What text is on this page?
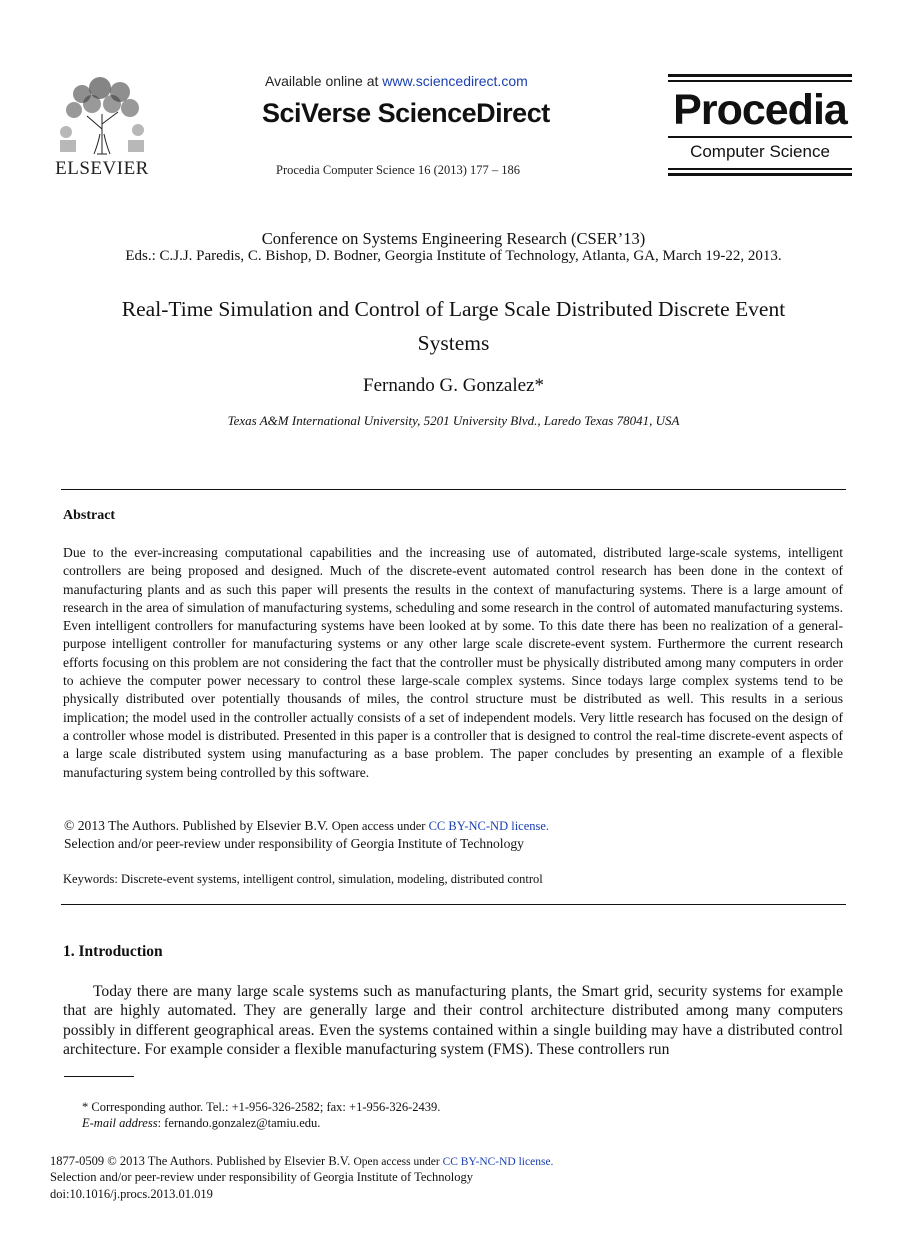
ELSEVIER
Available online at www.sciencedirect.com
SciVerse ScienceDirect
Procedia Computer Science 16 (2013) 177 – 186
Procedia
Computer Science
Conference on Systems Engineering Research (CSER’13)
Eds.: C.J.J. Paredis, C. Bishop, D. Bodner, Georgia Institute of Technology, Atlanta, GA, March 19-22, 2013.
Real-Time Simulation and Control of Large Scale Distributed Discrete Event
Systems
Fernando G. Gonzalez*
Texas A&M International University, 5201 University Blvd., Laredo Texas 78041, USA
Abstract
Due to the ever-increasing computational capabilities and the increasing use of automated, distributed large-scale systems, intelligent controllers are being proposed and designed. Much of the discrete-event automated control research has been done in the context of manufacturing plants and as such this paper will presents the results in the context of manufacturing systems. There is a large amount of research in the area of simulation of manufacturing systems, scheduling and some research in the control of automated manufacturing systems. Even intelligent controllers for manufacturing systems have been looked at by some. To this date there has been no realization of a general-purpose intelligent controller for manufacturing systems or any other large scale discrete-event system. Furthermore the current research efforts focusing on this problem are not considering the fact that the controller must be physically distributed among many computers in order to achieve the computer power necessary to control these large-scale complex systems. Since todays large complex systems tend to be physically distributed over potentially thousands of miles, the control structure must be distributed as well. This results in a serious implication; the model used in the controller actually consists of a set of independent models. Very little research has focused on the design of a controller whose model is distributed. Presented in this paper is a controller that is designed to control the real-time discrete-event aspects of a large scale distributed system using manufacturing as a base problem. The paper concludes by presenting an example of a flexible manufacturing system being controlled by this software.
© 2013 The Authors. Published by Elsevier B.V. Open access under CC BY-NC-ND license.
Selection and/or peer-review under responsibility of Georgia Institute of Technology
Keywords: Discrete-event systems, intelligent control, simulation, modeling, distributed control
1. Introduction
Today there are many large scale systems such as manufacturing plants, the Smart grid, security systems for example that are highly automated. They are generally large and their control architecture distributed among many computers possibly in different geographical areas. Even the systems contained within a single building may have a distributed control architecture. For example consider a flexible manufacturing system (FMS). These controllers run
* Corresponding author. Tel.: +1-956-326-2582; fax: +1-956-326-2439.
E-mail address: fernando.gonzalez@tamiu.edu.
1877-0509 © 2013 The Authors. Published by Elsevier B.V. Open access under CC BY-NC-ND license.
Selection and/or peer-review under responsibility of Georgia Institute of Technology
doi:10.1016/j.procs.2013.01.019
